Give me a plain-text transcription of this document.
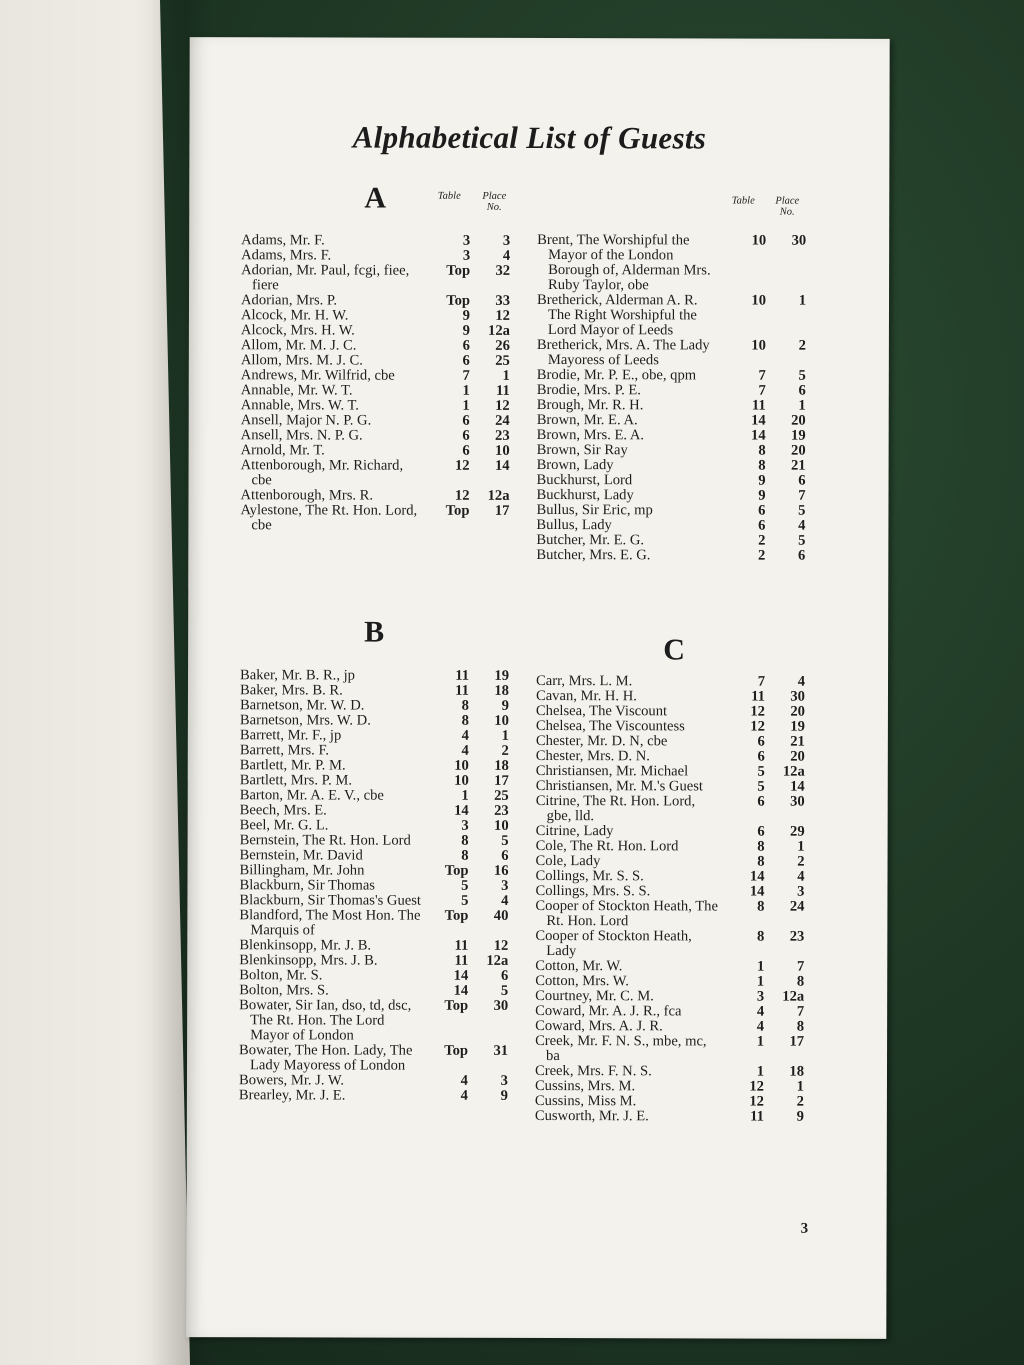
Alphabetical List of Guests
Table	Place
No.
Table	Place
No.
A
Adams, Mr. F.	3	3
Adams, Mrs. F.	3	4
Adorian, Mr. Paul, fcgi, fiee, fiere
Top	32
Adorian, Mrs. P.	Top	33
Alcock, Mr. H. W.	9	12
Alcock, Mrs. H. W.	9	12a
Allom, Mr. M. J. C.	6	26
Allom, Mrs. M. J. C.	6	25
Andrews, Mr. Wilfrid, cbe	7	1
Annable, Mr. W. T.	1	11
Annable, Mrs. W. T.	1	12
Ansell, Major N. P. G.	6	24
Ansell, Mrs. N. P. G.	6	23
Arnold, Mr. T.	6	10
Attenborough, Mr. Richard, cbe
12	14
Attenborough, Mrs. R.	12	12a
Aylestone, The Rt. Hon. Lord, cbe
Top	17
B
Baker, Mr. B. R., jp	11	19
Baker, Mrs. B. R.	11	18
Barnetson, Mr. W. D.	8	9
Barnetson, Mrs. W. D.	8	10
Barrett, Mr. F., jp	4	1
Barrett, Mrs. F.	4	2
Bartlett, Mr. P. M.	10	18
Bartlett, Mrs. P. M.	10	17
Barton, Mr. A. E. V., cbe	1	25
Beech, Mrs. E.	14	23
Beel, Mr. G. L.	3	10
Bernstein, The Rt. Hon. Lord	8	5
Bernstein, Mr. David	8	6
Billingham, Mr. John	Top	16
Blackburn, Sir Thomas	5	3
Blackburn, Sir Thomas's Guest	5	4
Blandford, The Most Hon. The Marquis of
Top	40
Blenkinsopp, Mr. J. B.	11	12
Blenkinsopp, Mrs. J. B.	11	12a
Bolton, Mr. S.	14	6
Bolton, Mrs. S.	14	5
Bowater, Sir Ian, dso, td, dsc, The Rt. Hon. The Lord Mayor of London
Top	30
Bowater, The Hon. Lady, The Lady Mayoress of London
Top	31
Bowers, Mr. J. W.	4	3
Brearley, Mr. J. E.	4	9
Brent, The Worshipful the Mayor of the London Borough of, Alderman Mrs. Ruby Taylor, obe
10	30
Bretherick, Alderman A. R. The Right Worshipful the Lord Mayor of Leeds
10	1
Bretherick, Mrs. A. The Lady Mayoress of Leeds
10	2
Brodie, Mr. P. E., obe, qpm	7	5
Brodie, Mrs. P. E.	7	6
Brough, Mr. R. H.	11	1
Brown, Mr. E. A.	14	20
Brown, Mrs. E. A.	14	19
Brown, Sir Ray	8	20
Brown, Lady	8	21
Buckhurst, Lord	9	6
Buckhurst, Lady	9	7
Bullus, Sir Eric, mp	6	5
Bullus, Lady	6	4
Butcher, Mr. E. G.	2	5
Butcher, Mrs. E. G.	2	6
C
Carr, Mrs. L. M.	7	4
Cavan, Mr. H. H.	11	30
Chelsea, The Viscount	12	20
Chelsea, The Viscountess	12	19
Chester, Mr. D. N, cbe	6	21
Chester, Mrs. D. N.	6	20
Christiansen, Mr. Michael	5	12a
Christiansen, Mr. M.'s Guest	5	14
Citrine, The Rt. Hon. Lord, gbe, lld.
6	30
Citrine, Lady	6	29
Cole, The Rt. Hon. Lord	8	1
Cole, Lady	8	2
Collings, Mr. S. S.	14	4
Collings, Mrs. S. S.	14	3
Cooper of Stockton Heath, The Rt. Hon. Lord
8	24
Cooper of Stockton Heath, Lady
8	23
Cotton, Mr. W.	1	7
Cotton, Mrs. W.	1	8
Courtney, Mr. C. M.	3	12a
Coward, Mr. A. J. R., fca	4	7
Coward, Mrs. A. J. R.	4	8
Creek, Mr. F. N. S., mbe, mc, ba
1	17
Creek, Mrs. F. N. S.	1	18
Cussins, Mrs. M.	12	1
Cussins, Miss M.	12	2
Cusworth, Mr. J. E.	11	9
3
